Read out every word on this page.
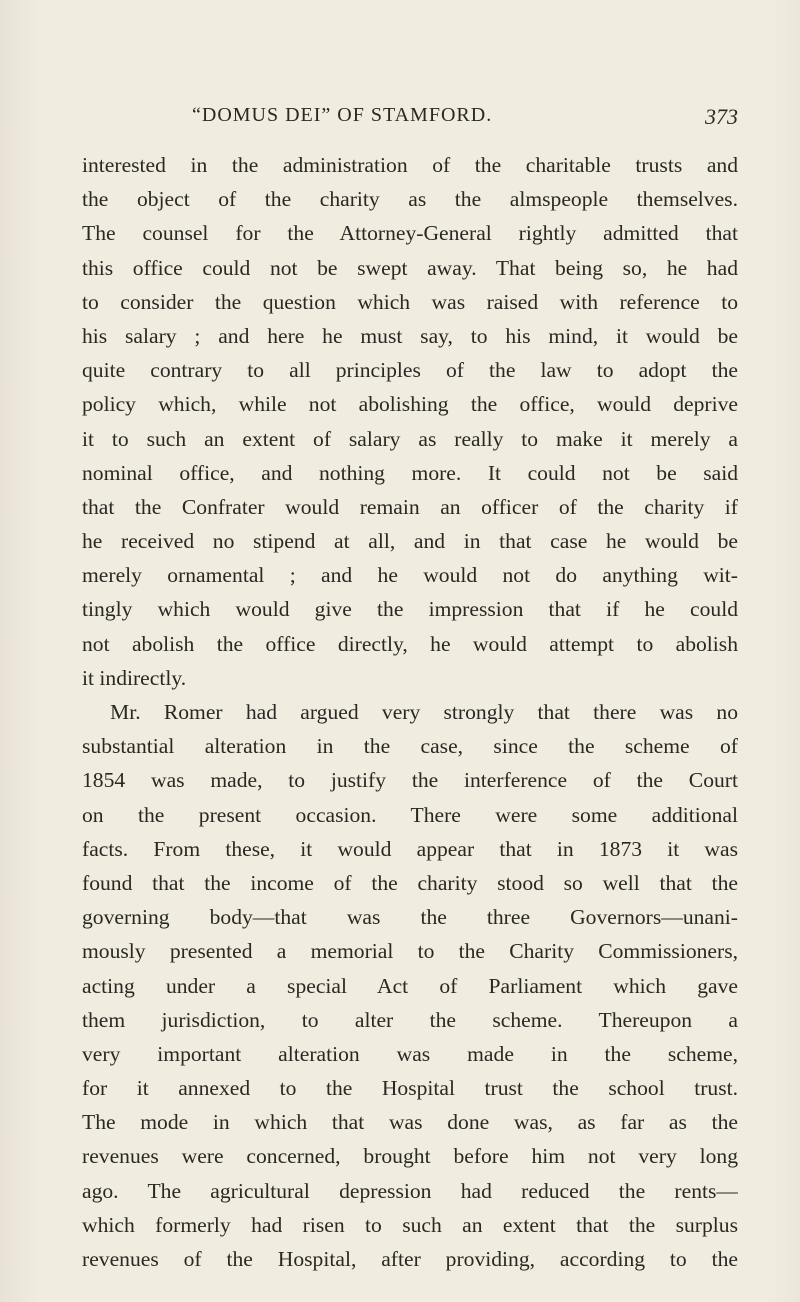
“DOMUS DEI” OF STAMFORD.	373
interested in the administration of the charitable trusts and
the object of the charity as the almspeople themselves.
The counsel for the Attorney-General rightly admitted that
this office could not be swept away. That being so, he had
to consider the question which was raised with reference to
his salary ; and here he must say, to his mind, it would be
quite contrary to all principles of the law to adopt the
policy which, while not abolishing the office, would deprive
it to such an extent of salary as really to make it merely a
nominal office, and nothing more. It could not be said
that the Confrater would remain an officer of the charity if
he received no stipend at all, and in that case he would be
merely ornamental ; and he would not do anything wit-
tingly which would give the impression that if he could
not abolish the office directly, he would attempt to abolish
it indirectly.
Mr. Romer had argued very strongly that there was no
substantial alteration in the case, since the scheme of
1854 was made, to justify the interference of the Court
on the present occasion. There were some additional
facts. From these, it would appear that in 1873 it was
found that the income of the charity stood so well that the
governing body—that was the three Governors—unani-
mously presented a memorial to the Charity Commissioners,
acting under a special Act of Parliament which gave
them jurisdiction, to alter the scheme. Thereupon a
very important alteration was made in the scheme,
for it annexed to the Hospital trust the school trust.
The mode in which that was done was, as far as the
revenues were concerned, brought before him not very long
ago. The agricultural depression had reduced the rents—
which formerly had risen to such an extent that the surplus
revenues of the Hospital, after providing, according to the
